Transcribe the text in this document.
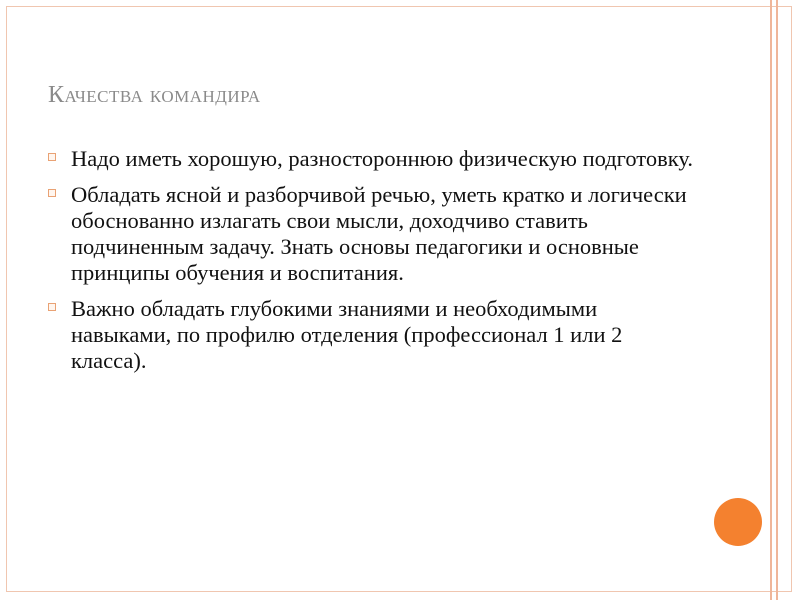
Качества командира
Надо иметь хорошую, разностороннюю физическую подготовку.
Обладать ясной и разборчивой речью, уметь кратко и логически обоснованно излагать свои мысли, доходчиво ставить подчиненным задачу. Знать основы педагогики и основные принципы обучения и воспитания.
Важно обладать глубокими знаниями и необходимыми навыками, по профилю отделения (профессионал 1 или 2 класса).
